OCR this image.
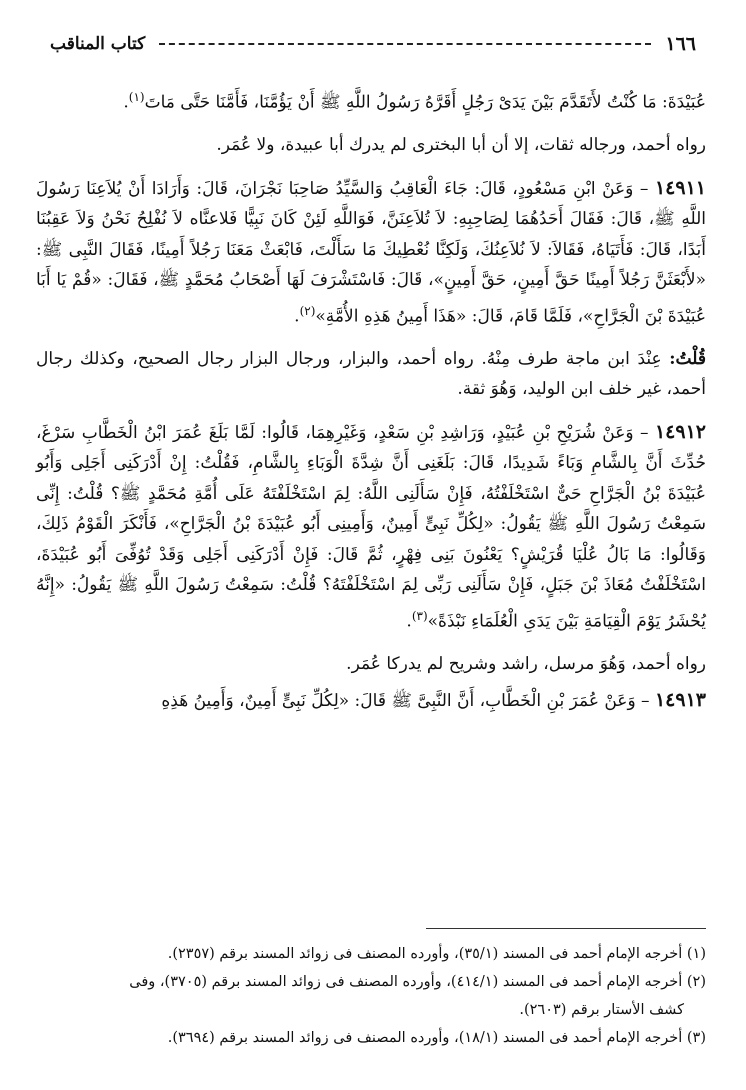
١٦٦
كتاب المناقب

عُبَيْدَةَ: مَا كُنْتُ لأَتَقَدَّمَ بَيْنَ يَدَىْ رَجُلٍ أَقَرَّهُ رَسُولُ اللَّهِ ﷺ أَنْ يَؤُمَّنَا، فَأَمَّنَا حَتَّى مَاتَ$^{(١)}$.

رواه أحمد، ورجاله ثقات، إلا أن أبا البخترى لم يدرك أبا عبيدة، ولا عُمَر.

١٤٩١١ – وَعَنْ ابْنِ مَسْعُودٍ، قَالَ: جَاءَ الْعَاقِبُ وَالسَّيِّدُ صَاحِبَا نَجْرَانَ، قَالَ: وَأَرَادَا أَنْ يُلاَعِنَا رَسُولَ اللَّهِ ﷺ، قَالَ: فَقَالَ أَحَدُهُمَا لِصَاحِبِهِ: لاَ تُلاَعِنَنَّ، فَوَاللَّهِ لَئِنْ كَانَ نَبِيًّا فَلاعنَّاه لاَ نُفْلِحُ نَحْنُ وَلاَ عَقِبُنَا أَبَدًا، قَالَ: فَأَتَيَاهُ، فَقَالاَ: لاَ نُلاَعِنُكَ، وَلَكِنَّا نُعْطِيكَ مَا سَأَلْتَ، فَابْعَثْ مَعَنَا رَجُلاً أَمِينًا، فَقَالَ النَّبِى ﷺ: «لأَبْعَثَنَّ رَجُلاً أَمِينًا حَقَّ أَمِينٍ، حَقَّ أَمِينٍ»، قَالَ: فَاسْتَشْرَفَ لَهَا أَصْحَابُ مُحَمَّدٍ ﷺ، فَقَالَ: «قُمْ يَا أَبَا عُبَيْدَةَ بْنَ الْجَرَّاحِ»، فَلَمَّا قَامَ، قَالَ: «هَذَا أَمِينُ هَذِهِ الأُمَّةِ»$^{(٢)}$.

قُلْتُ: عِنْدَ ابن ماجة طرف مِنْهُ. رواه أحمد، والبزار، ورجال البزار رجال الصحيح، وكذلك رجال أحمد، غير خلف ابن الوليد، وَهُوَ ثقة.

١٤٩١٢ – وَعَنْ شُرَيْحِ بْنِ عُبَيْدٍ، وَرَاشِدِ بْنِ سَعْدٍ، وَغَيْرِهِمَا، قَالُوا: لَمَّا بَلَغَ عُمَرَ ابْنُ الْخَطَّابِ سَرْغَ، حُدِّثَ أَنَّ بِالشَّامِ وَبَاءً شَدِيدًا، قَالَ: بَلَغَنِى أَنَّ شِدَّةَ الْوَبَاءِ بِالشَّامِ، فَقُلْتُ: إِنْ أَدْرَكَنِى أَجَلِى وَأَبُو عُبَيْدَةَ بْنُ الْجَرَّاحِ حَىٌّ اسْتَخْلَفْتُهُ، فَإِنْ سَأَلَنِى اللَّهُ: لِمَ اسْتَخْلَفْتَهُ عَلَى أُمَّةِ مُحَمَّدٍ ﷺ؟ قُلْتُ: إِنِّى سَمِعْتُ رَسُولَ اللَّهِ ﷺ يَقُولُ: «لِكُلِّ نَبِىٍّ أَمِينٌ، وَأَمِينِى أَبُو عُبَيْدَةَ بْنُ الْجَرَّاحِ»، فَأَنْكَرَ الْقَوْمُ ذَلِكَ، وَقَالُوا: مَا بَالُ عُلْيَا قُرَيْشٍ؟ يَعْنُونَ بَنِى فِهْرٍ، ثُمَّ قَالَ: فَإِنْ أَدْرَكَنِى أَجَلِى وَقَدْ تُوُفِّىَ أَبُو عُبَيْدَةَ، اسْتَخْلَفْتُ مُعَاذَ بْنَ جَبَلٍ، فَإِنْ سَأَلَنِى رَبِّى لِمَ اسْتَخْلَفْتَهُ؟ قُلْتُ: سَمِعْتُ رَسُولَ اللَّهِ ﷺ يَقُولُ: «إِنَّهُ يُحْشَرُ يَوْمَ الْقِيَامَةِ بَيْنَ يَدَىِ الْعُلَمَاءِ نَبْذَةً»$^{(٣)}$.

رواه أحمد، وَهُوَ مرسل، راشد وشريح لم يدركا عُمَر.

١٤٩١٣ – وَعَنْ عُمَرَ بْنِ الْخَطَّابِ، أَنَّ النَّبِىَّ ﷺ قَالَ: «لِكُلِّ نَبِىٍّ أَمِينٌ، وَأَمِينُ هَذِهِ

(١) أخرجه الإمام أحمد فى المسند (٣٥/١)، وأورده المصنف فى زوائد المسند برقم (٢٣٥٧).

(٢) أخرجه الإمام أحمد فى المسند (٤١٤/١)، وأورده المصنف فى زوائد المسند برقم (٣٧٠٥)، وفى

كشف الأستار برقم (٢٦٠٣).

(٣) أخرجه الإمام أحمد فى المسند (١٨/١)، وأورده المصنف فى زوائد المسند برقم (٣٦٩٤).
